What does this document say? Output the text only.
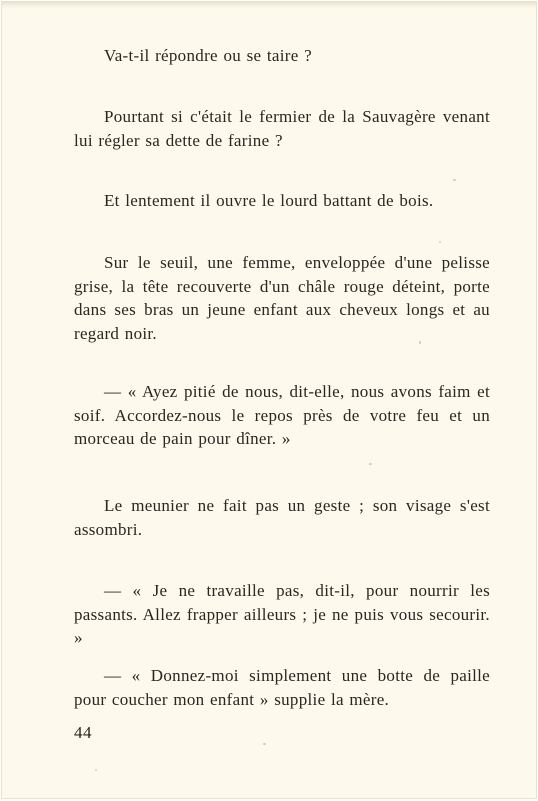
Va-t-il répondre ou se taire ?

Pourtant si c'était le fermier de la Sauvagère venant lui régler sa dette de farine ?

Et lentement il ouvre le lourd battant de bois.

Sur le seuil, une femme, enveloppée d'une pelisse grise, la tête recouverte d'un châle rouge déteint, porte dans ses bras un jeune enfant aux cheveux longs et au regard noir.

— « Ayez pitié de nous, dit-elle, nous avons faim et soif. Accordez-nous le repos près de votre feu et un morceau de pain pour dîner. »

Le meunier ne fait pas un geste ; son visage s'est assombri.

— « Je ne travaille pas, dit-il, pour nourrir les passants. Allez frapper ailleurs ; je ne puis vous secourir. »

— « Donnez-moi simplement une botte de paille pour coucher mon enfant » supplie la mère.

44
